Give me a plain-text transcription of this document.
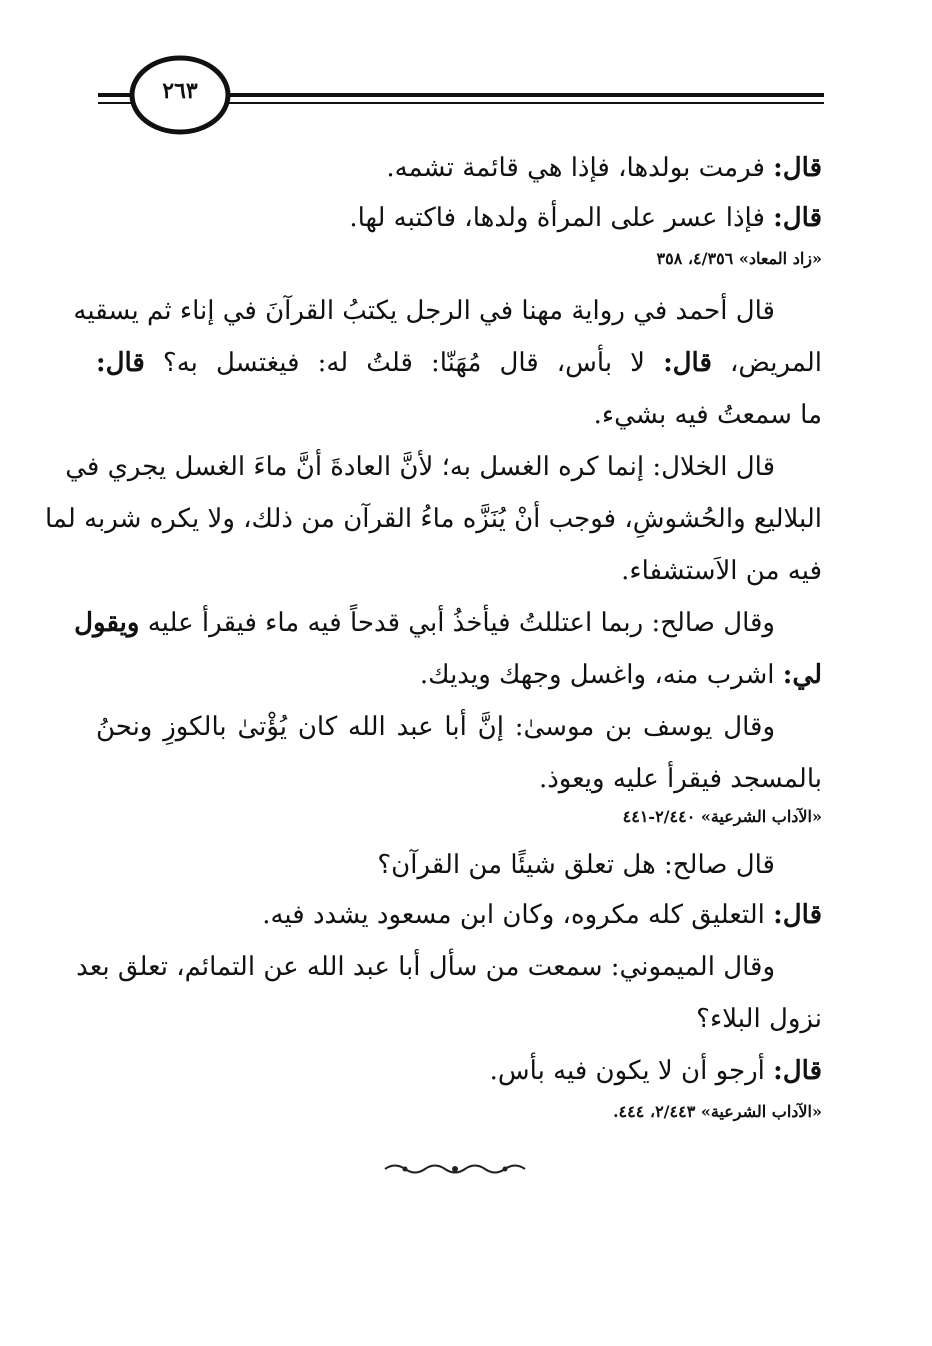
٢٦٣
قال: فرمت بولدها، فإذا هي قائمة تشمه.
قال: فإذا عسر على المرأة ولدها، فاكتبه لها.
«زاد المعاد» ٤/٣٥٦، ٣٥٨
قال أحمد في رواية مهنا في الرجل يكتبُ القرآنَ في إناء ثم يسقيه
المريض، قال: لا بأس، قال مُهَنّا: قلتُ له: فيغتسل به؟ قال:
ما سمعتُ فيه بشيء.
قال الخلال: إنما كره الغسل به؛ لأنَّ العادةَ أنَّ ماءَ الغسل يجري في
البلاليع والحُشوشِ، فوجب أنْ يُنَزَّه ماءُ القرآن من ذلك، ولا يكره شربه لما
فيه من الاَستشفاء.
وقال صالح: ربما اعتللتُ فيأخذُ أبي قدحاً فيه ماء فيقرأ عليه ويقول
لي: اشرب منه، واغسل وجهك ويديك.
وقال يوسف بن موسىٰ: إنَّ أبا عبد الله كان يُؤْتىٰ بالكوزِ ونحنُ
بالمسجد فيقرأ عليه ويعوذ.
«الآداب الشرعية» ٢/٤٤٠-٤٤١
قال صالح: هل تعلق شيئًا من القرآن؟
قال: التعليق كله مكروه، وكان ابن مسعود يشدد فيه.
وقال الميموني: سمعت من سأل أبا عبد الله عن التمائم، تعلق بعد
نزول البلاء؟
قال: أرجو أن لا يكون فيه بأس.
«الآداب الشرعية» ٢/٤٤٣، ٤٤٤.
